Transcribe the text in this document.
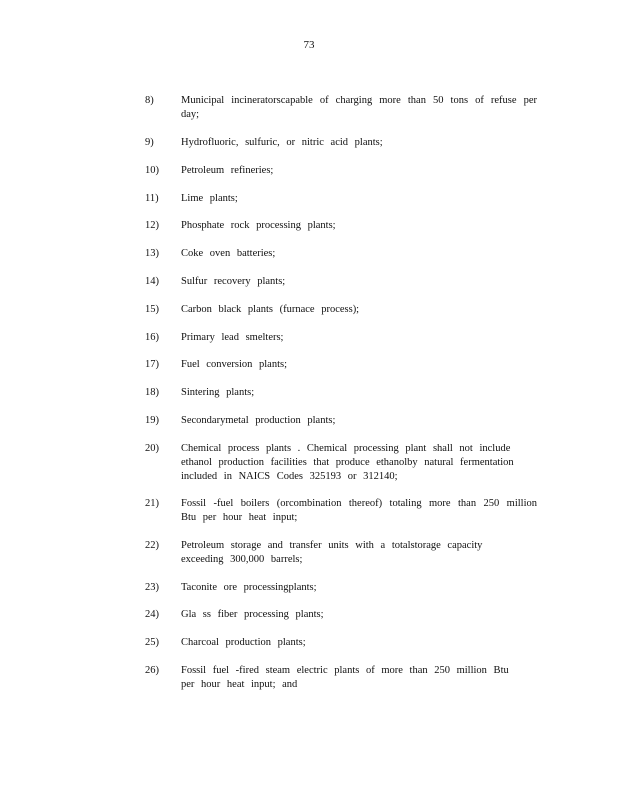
73
8)	Municipal incineratorscapable of charging more than 50 tons of refuse per day;
9)	Hydrofluoric, sulfuric, or nitric acid plants;
10)	Petroleum refineries;
11)	Lime plants;
12)	Phosphate rock processing plants;
13)	Coke oven batteries;
14)	Sulfur recovery plants;
15)	Carbon black plants (furnace process);
16)	Primary lead smelters;
17)	Fuel conversion plants;
18)	Sintering plants;
19)	Secondarymetal production plants;
20)	Chemical process plants . Chemical processing plant shall not include ethanol production facilities that produce ethanolby natural fermentation included in NAICS Codes 325193 or 312140;
21)	Fossil -fuel boilers (orcombination thereof) totaling more than 250 million Btu per hour heat input;
22)	Petroleum storage and transfer units with a totalstorage capacity exceeding 300,000 barrels;
23)	Taconite ore processingplants;
24)	Gla ss fiber processing plants;
25)	Charcoal production plants;
26)	Fossil fuel -fired steam electric plants of more than 250 million Btu per hour heat input; and
